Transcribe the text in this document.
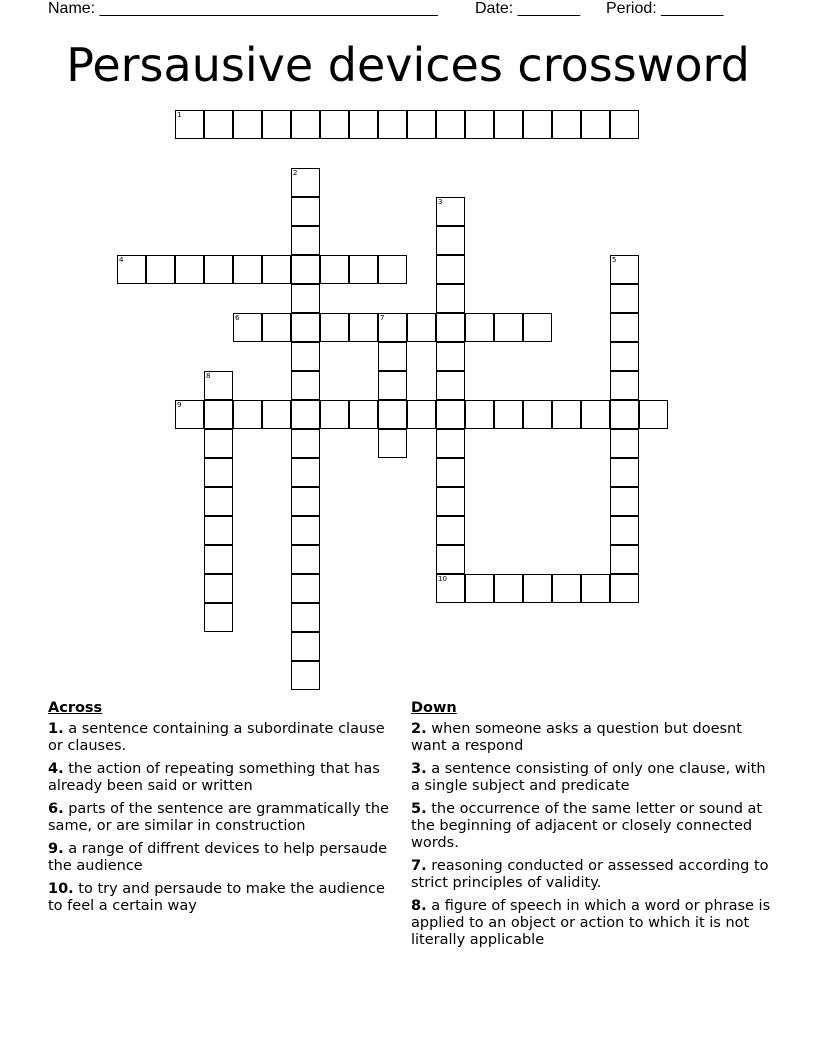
Name: ______________________________________ Date: _______ Period: _______
Persausive devices crossword
1
2
3
10
4	5
6	7
8
9
Across
1. a sentence containing a subordinate clause or clauses.
4. the action of repeating something that has already been said or written
6. parts of the sentence are grammatically the same, or are similar in construction
9. a range of diffrent devices to help persaude the audience
10. to try and persaude to make the audience to feel a certain way
Down
2. when someone asks a question but doesnt want a respond
3. a sentence consisting of only one clause, with a single subject and predicate
5. the occurrence of the same letter or sound at the beginning of adjacent or closely connected words.
7. reasoning conducted or assessed according to strict principles of validity.
8. a figure of speech in which a word or phrase is applied to an object or action to which it is not literally applicable
